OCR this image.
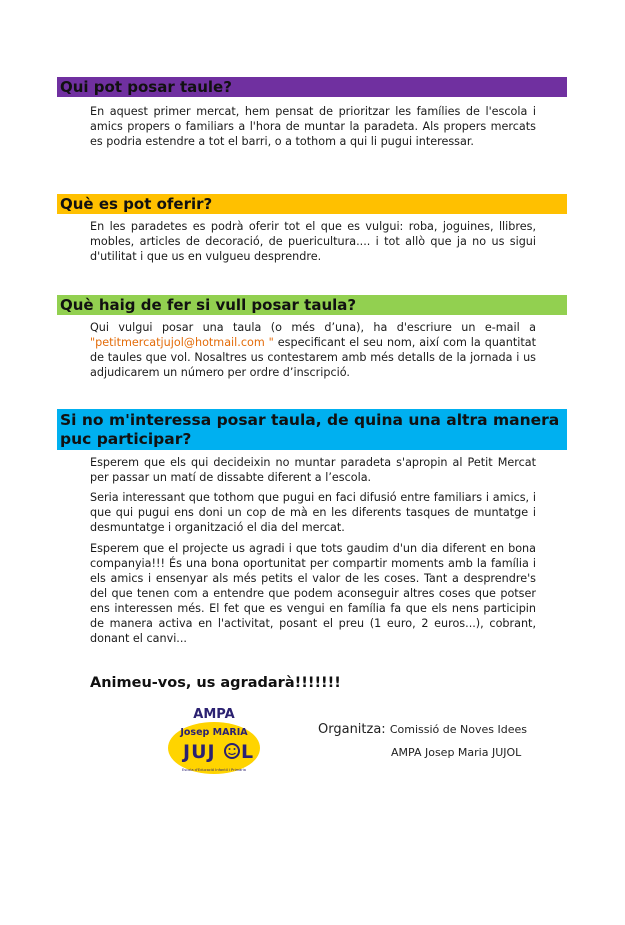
Qui pot posar taule?

En aquest primer mercat, hem pensat de prioritzar les famílies de l'escola i amics propers o familiars a l'hora de muntar la paradeta. Als propers mercats es podria estendre a tot el barri, o a tothom a qui li pugui interessar.

Què es pot oferir?

En les paradetes es podrà oferir tot el que es vulgui: roba, joguines, llibres, mobles, articles de decoració, de puericultura.... i tot allò que ja no us sigui d'utilitat i que us en vulgueu desprendre.

Què haig de fer si vull posar taula?

Qui vulgui posar una taula (o més d’una), ha d'escriure un e-mail a "petitmercatjujol@hotmail.com " especificant el seu nom, així com la quantitat de taules que vol. Nosaltres us contestarem amb més detalls de la jornada i us adjudicarem un número per ordre d’inscripció.

Si no m'interessa posar taula, de quina una altra manera puc participar?

Esperem que els qui decideixin no muntar paradeta s'apropin al Petit Mercat per passar un matí de dissabte diferent a l’escola.

Seria interessant que tothom que pugui en faci difusió entre familiars i amics, i que qui pugui ens doni un cop de mà en les diferents tasques de muntatge i desmuntatge i organització el dia del mercat.

Esperem que el projecte us agradi i que tots gaudim d'un dia diferent en bona companyia!!! És una bona oportunitat per compartir moments amb la família i els amics i ensenyar als més petits el valor de les coses. Tant a desprendre's del que tenen com a entendre que podem aconseguir altres coses que potser ens interessen més. El fet que es vengui en família fa que els nens participin de manera activa en l'activitat, posant el preu (1 euro, 2 euros...), cobrant, donant el canvi...

Animeu-vos, us agradarà!!!!!!!
AMPA
Josep MARIA
JUJ L
Escola d'Educació Infantil i Primària
Organitza: Comissió de Noves Idees
AMPA Josep Maria JUJOL
